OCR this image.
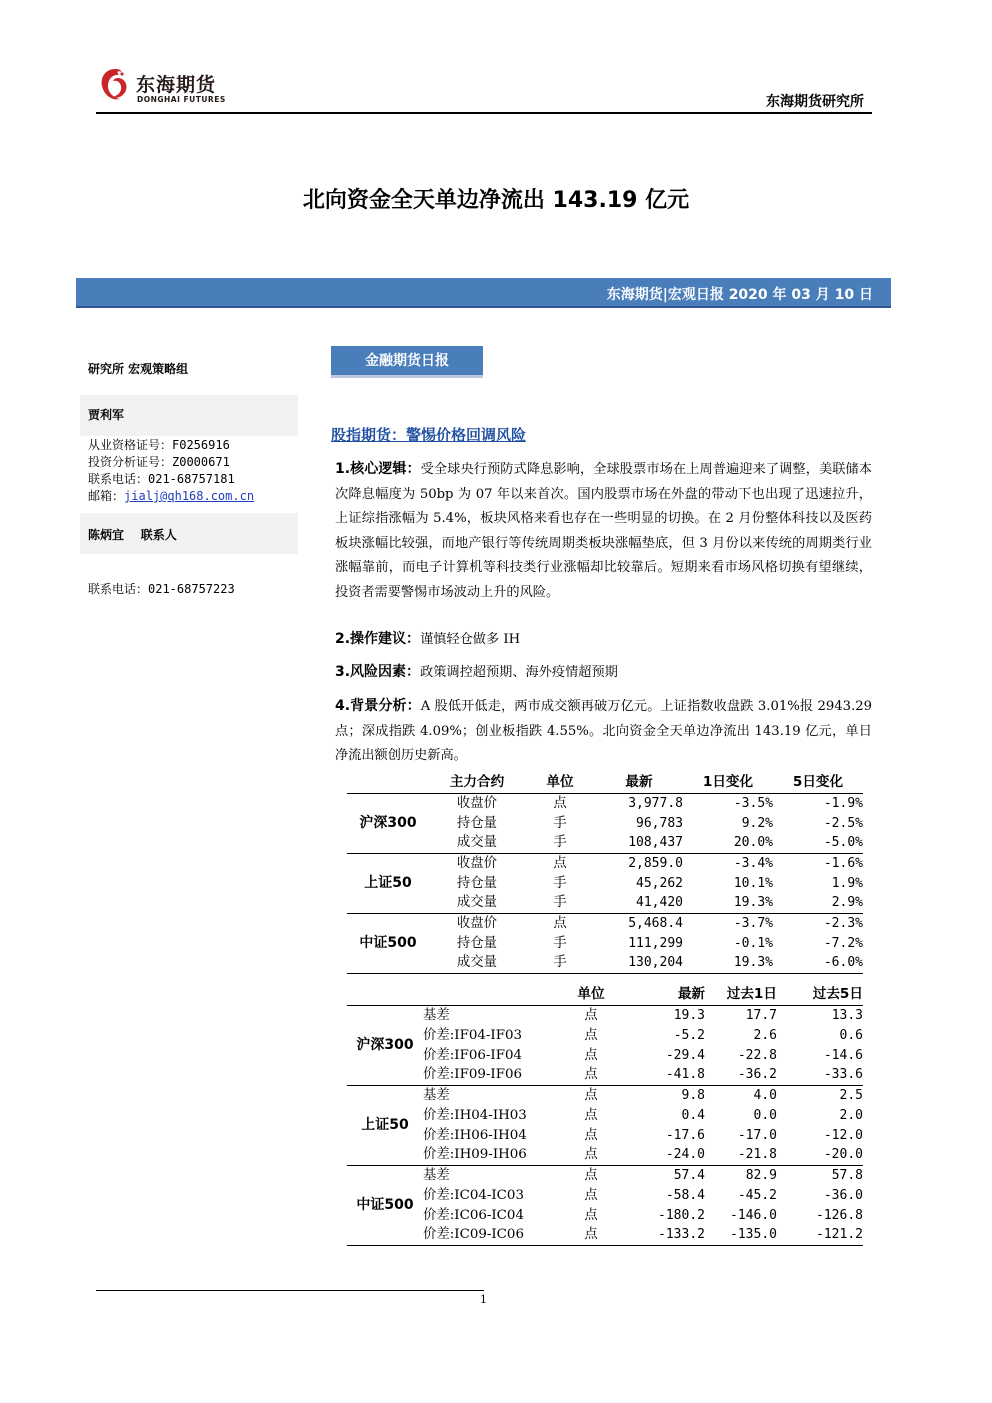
东海期货
DONGHAI FUTURES	东海期货研究所
北向资金全天单边净流出 143.19 亿元
东海期货|宏观日报 2020 年 03 月 10 日
研究所 宏观策略组
贾利军
从业资格证号：F0256916
投资分析证号：Z0000671
联系电话：021-68757181
邮箱：jialj@qh168.com.cn
陈炳宜    联系人
联系电话：021-68757223
金融期货日报
股指期货：警惕价格回调风险
1.核心逻辑：受全球央行预防式降息影响，全球股票市场在上周普遍迎来了调整，美联储本次降息幅度为 50bp 为 07 年以来首次。国内股票市场在外盘的带动下也出现了迅速拉升，上证综指涨幅为 5.4%，板块风格来看也存在一些明显的切换。在 2 月份整体科技以及医药板块涨幅比较强，而地产银行等传统周期类板块涨幅垫底，但 3 月份以来传统的周期类行业涨幅靠前，而电子计算机等科技类行业涨幅却比较靠后。短期来看市场风格切换有望继续，投资者需要警惕市场波动上升的风险。
2.操作建议：谨慎轻仓做多 IH
3.风险因素：政策调控超预期、海外疫情超预期
4.背景分析：A 股低开低走，两市成交额再破万亿元。上证指数收盘跌 3.01%报 2943.29 点；深成指跌 4.09%；创业板指跌 4.55%。北向资金全天单边净流出 143.19 亿元，单日净流出额创历史新高。
	主力合约	单位	最新	1日变化	5日变化
沪深300	收盘价	点	3,977.8	-3.5%	-1.9%
	持仓量	手	96,783	9.2%	-2.5%
	成交量	手	108,437	20.0%	-5.0%
上证50	收盘价	点	2,859.0	-3.4%	-1.6%
	持仓量	手	45,262	10.1%	1.9%
	成交量	手	41,420	19.3%	2.9%
中证500	收盘价	点	5,468.4	-3.7%	-2.3%
	持仓量	手	111,299	-0.1%	-7.2%
	成交量	手	130,204	19.3%	-6.0%
		单位	最新	过去1日	过去5日
沪深300	基差	点	19.3	17.7	13.3
	价差:IF04-IF03	点	-5.2	2.6	0.6
	价差:IF06-IF04	点	-29.4	-22.8	-14.6
	价差:IF09-IF06	点	-41.8	-36.2	-33.6
上证50	基差	点	9.8	4.0	2.5
	价差:IH04-IH03	点	0.4	0.0	2.0
	价差:IH06-IH04	点	-17.6	-17.0	-12.0
	价差:IH09-IH06	点	-24.0	-21.8	-20.0
中证500	基差	点	57.4	82.9	57.8
	价差:IC04-IC03	点	-58.4	-45.2	-36.0
	价差:IC06-IC04	点	-180.2	-146.0	-126.8
	价差:IC09-IC06	点	-133.2	-135.0	-121.2
1
